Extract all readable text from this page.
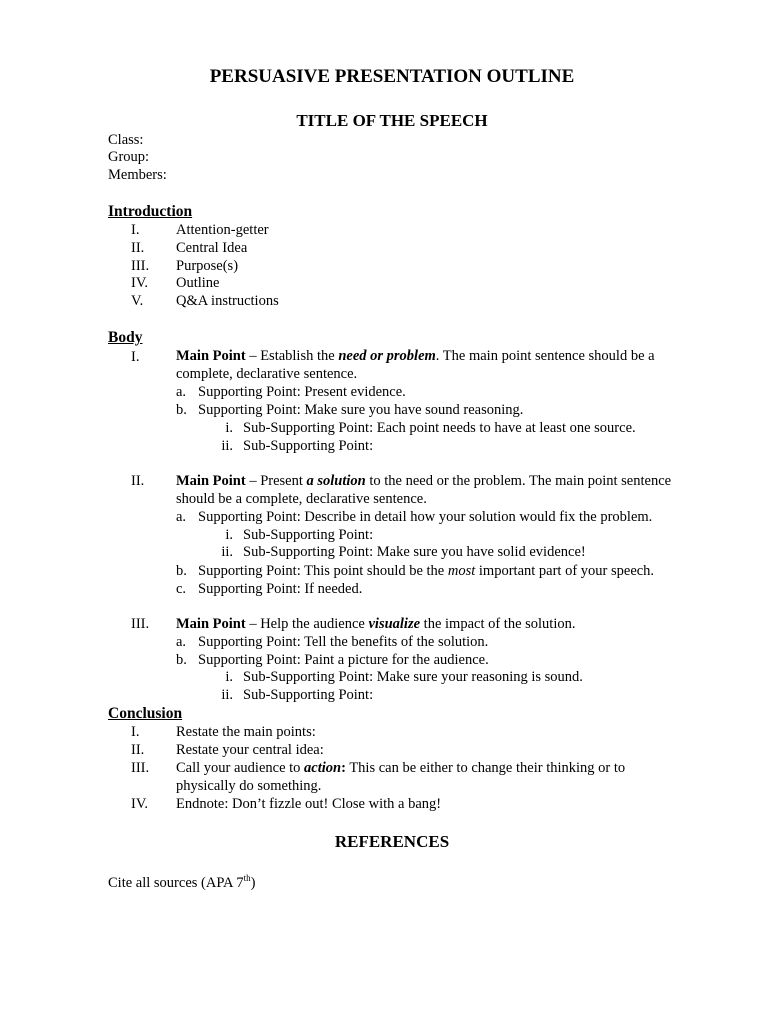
PERSUASIVE PRESENTATION OUTLINE
TITLE OF THE SPEECH
Class:
Group:
Members:
Introduction
I.	Attention-getter
II. Central Idea
III. Purpose(s)
IV. Outline
V. Q&A instructions
Body
I.	Main Point – Establish the need or problem. The main point sentence should be a complete, declarative sentence.
a. Supporting Point: Present evidence.
b. Supporting Point: Make sure you have sound reasoning.
i. Sub-Supporting Point: Each point needs to have at least one source.
ii. Sub-Supporting Point:
II. Main Point – Present a solution to the need or the problem. The main point sentence should be a complete, declarative sentence.
a. Supporting Point: Describe in detail how your solution would fix the problem.
i. Sub-Supporting Point:
ii. Sub-Supporting Point: Make sure you have solid evidence!
b. Supporting Point: This point should be the most important part of your speech.
c. Supporting Point: If needed.
III. Main Point – Help the audience visualize the impact of the solution.
a. Supporting Point: Tell the benefits of the solution.
b. Supporting Point: Paint a picture for the audience.
i. Sub-Supporting Point: Make sure your reasoning is sound.
ii. Sub-Supporting Point:
Conclusion
I.	Restate the main points:
II. Restate your central idea:
III. Call your audience to action: This can be either to change their thinking or to physically do something.
IV. Endnote: Don’t fizzle out! Close with a bang!
REFERENCES
Cite all sources (APA 7th)
